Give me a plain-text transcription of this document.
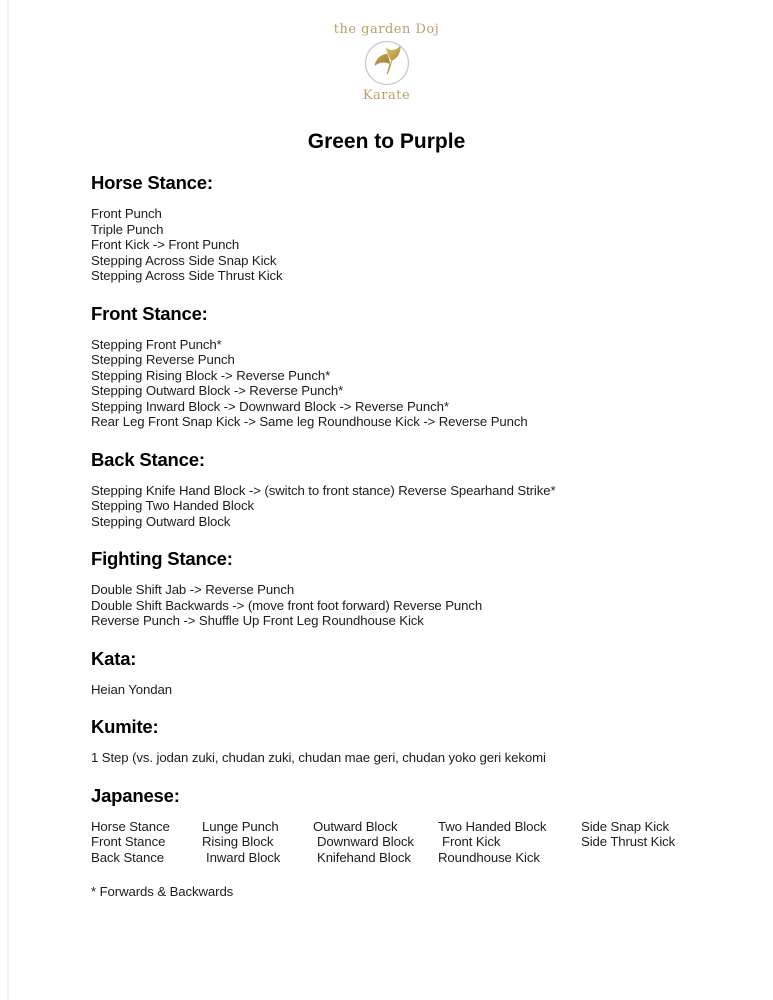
the garden Doj
Karate
Green to Purple
Horse Stance:
Front Punch
Triple Punch
Front Kick -> Front Punch
Stepping Across Side Snap Kick
Stepping Across Side Thrust Kick
Front Stance:
Stepping Front Punch*
Stepping Reverse Punch
Stepping Rising Block -> Reverse Punch*
Stepping Outward Block -> Reverse Punch*
Stepping Inward Block -> Downward Block -> Reverse Punch*
Rear Leg Front Snap Kick -> Same leg Roundhouse Kick -> Reverse Punch
Back Stance:
Stepping Knife Hand Block -> (switch to front stance) Reverse Spearhand Strike*
Stepping Two Handed Block
Stepping Outward Block
Fighting Stance:
Double Shift Jab -> Reverse Punch
Double Shift Backwards -> (move front foot forward) Reverse Punch
Reverse Punch -> Shuffle Up Front Leg Roundhouse Kick
Kata:
Heian Yondan
Kumite:
1 Step (vs. jodan zuki, chudan zuki, chudan mae geri, chudan yoko geri kekomi
Japanese:
Horse Stance
Front Stance
Back Stance
Lunge Punch
Rising Block
Inward Block
Outward Block
Downward Block
Knifehand Block
Two Handed Block
Front Kick
Roundhouse Kick
Side Snap Kick
Side Thrust Kick
* Forwards & Backwards
